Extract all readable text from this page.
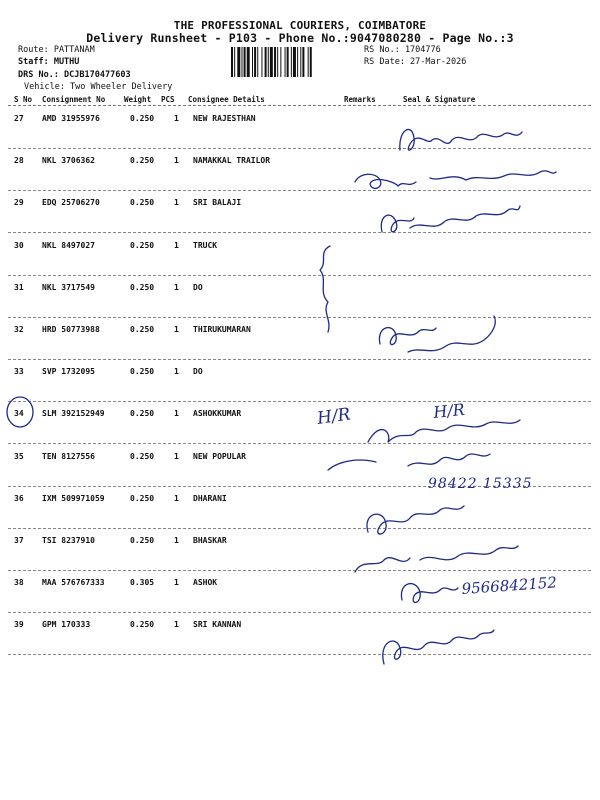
THE PROFESSIONAL COURIERS, COIMBATORE
Delivery Runsheet - P103 - Phone No.:9047080280 - Page No.:3
Route: PATTANAM
Staff: MUTHU
DRS No.: DCJB170477603
Vehicle: Two Wheeler Delivery
RS No.: 1704776
RS Date: 27-Mar-2026
S No Consignment No	Weight PCS Consignee Details	Remarks	Seal & Signature
27 AMD 31955976	0.250 1 NEW RAJESTHAN
28 NKL 3706362	0.250 1 NAMAKKAL TRAILOR
29 EDQ 25706270	0.250 1 SRI BALAJI
30 NKL 8497027	0.250 1 TRUCK
31 NKL 3717549	0.250 1 DO
32 HRD 50773988	0.250 1 THIRUKUMARAN
33 SVP 1732095	0.250 1 DO
34 SLM 392152949	0.250 1 ASHOKKUMAR
35 TEN 8127556	0.250 1 NEW POPULAR
36 IXM 509971059	0.250 1 DHARANI
37 TSI 8237910	0.250 1 BHASKAR
38 MAA 576767333	0.305 1 ASHOK
39 GPM 170333	0.250 1 SRI KANNAN
H/R	H/R
98422 15335
9566842152
